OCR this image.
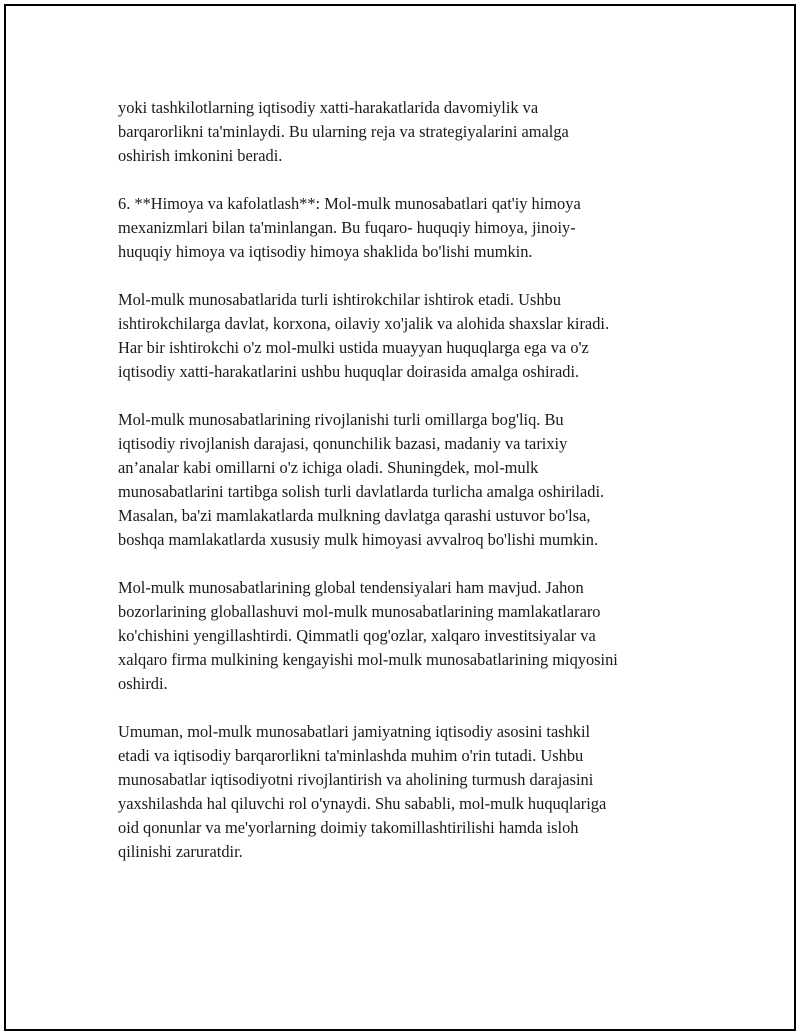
yoki tashkilotlarning iqtisodiy xatti-harakatlarida davomiylik va
barqarorlikni ta'minlaydi. Bu ularning reja va strategiyalarini amalga
oshirish imkonini beradi.

6. **Himoya va kafolatlash**: Mol-mulk munosabatlari qat'iy himoya
mexanizmlari bilan ta'minlangan. Bu fuqaro- huquqiy himoya, jinoiy-
huquqiy himoya va iqtisodiy himoya shaklida bo'lishi mumkin.

Mol-mulk munosabatlarida turli ishtirokchilar ishtirok etadi. Ushbu
ishtirokchilarga davlat, korxona, oilaviy xo'jalik va alohida shaxslar kiradi.
Har bir ishtirokchi o'z mol-mulki ustida muayyan huquqlarga ega va o'z
iqtisodiy xatti-harakatlarini ushbu huquqlar doirasida amalga oshiradi.

Mol-mulk munosabatlarining rivojlanishi turli omillarga bog'liq. Bu
iqtisodiy rivojlanish darajasi, qonunchilik bazasi, madaniy va tarixiy
an’analar kabi omillarni o'z ichiga oladi. Shuningdek, mol-mulk
munosabatlarini tartibga solish turli davlatlarda turlicha amalga oshiriladi.
Masalan, ba'zi mamlakatlarda mulkning davlatga qarashi ustuvor bo'lsa,
boshqa mamlakatlarda xususiy mulk himoyasi avvalroq bo'lishi mumkin.

Mol-mulk munosabatlarining global tendensiyalari ham mavjud. Jahon
bozorlarining globallashuvi mol-mulk munosabatlarining mamlakatlararo
ko'chishini yengillashtirdi. Qimmatli qog'ozlar, xalqaro investitsiyalar va
xalqaro firma mulkining kengayishi mol-mulk munosabatlarining miqyosini
oshirdi.

Umuman, mol-mulk munosabatlari jamiyatning iqtisodiy asosini tashkil
etadi va iqtisodiy barqarorlikni ta'minlashda muhim o'rin tutadi. Ushbu
munosabatlar iqtisodiyotni rivojlantirish va aholining turmush darajasini
yaxshilashda hal qiluvchi rol o'ynaydi. Shu sababli, mol-mulk huquqlariga
oid qonunlar va me'yorlarning doimiy takomillashtirilishi hamda isloh
qilinishi zaruratdir.
